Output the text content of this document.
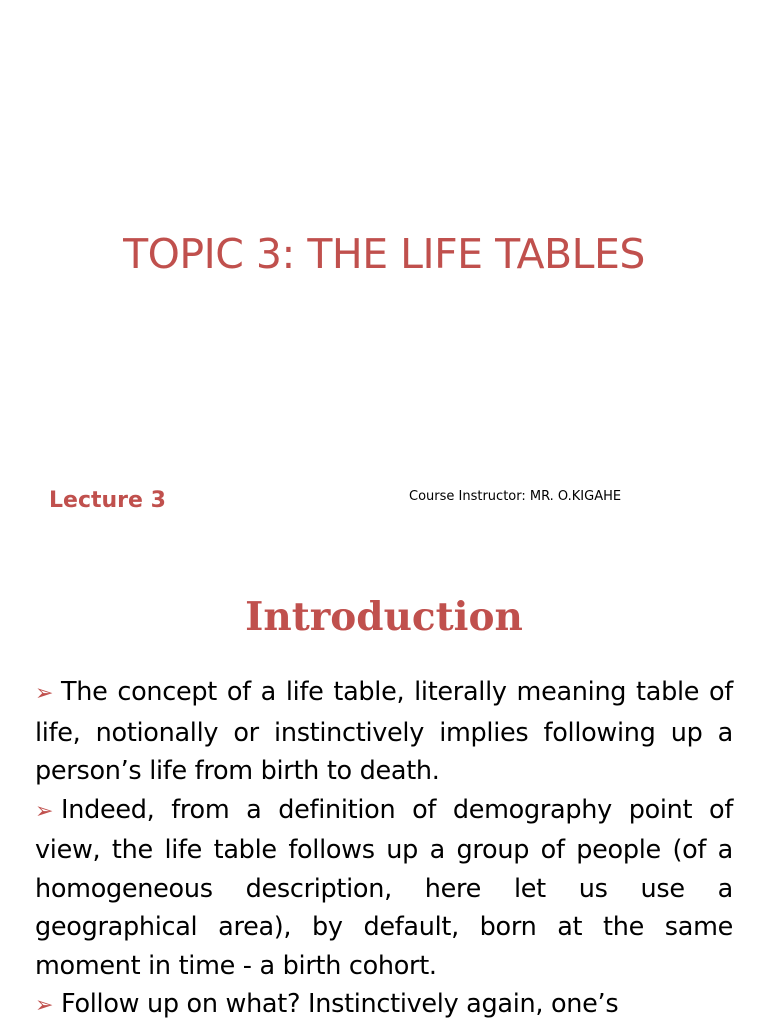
TOPIC 3: THE LIFE TABLES

Lecture 3	Course Instructor: MR. O.KIGAHE

Introduction
➢ The concept of a life table, literally meaning table of life, notionally or instinctively implies following up a person’s life from birth to death.
➢ Indeed, from a definition of demography point of view, the life table follows up a group of people (of a homogeneous description, here let us use a geographical area), by default, born at the same moment in time - a birth cohort.
➢ Follow up on what? Instinctively again, one’s
